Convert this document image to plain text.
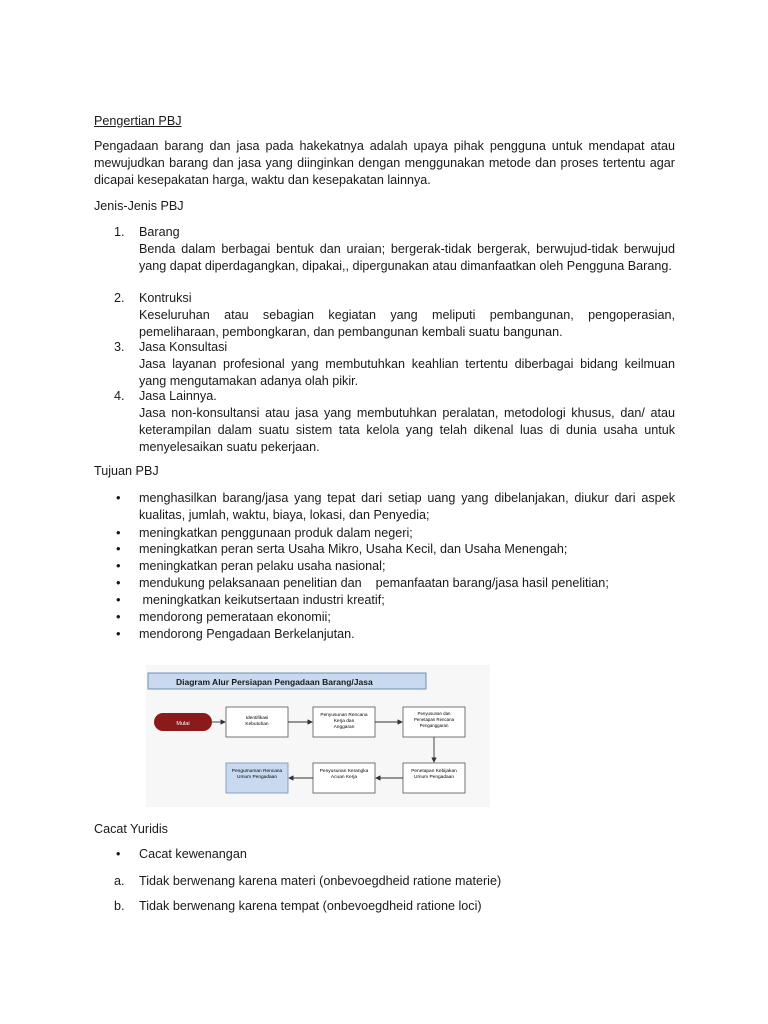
Pengertian PBJ
Pengadaan barang dan jasa pada hakekatnya adalah upaya pihak pengguna untuk mendapat atau mewujudkan barang dan jasa yang diinginkan dengan menggunakan metode dan proses tertentu agar dicapai kesepakatan harga, waktu dan kesepakatan lainnya.
Jenis-Jenis PBJ
1. Barang
Benda dalam berbagai bentuk dan uraian; bergerak-tidak bergerak, berwujud-tidak berwujud yang dapat diperdagangkan, dipakai,, dipergunakan atau dimanfaatkan oleh Pengguna Barang.
2. Kontruksi
Keseluruhan atau sebagian kegiatan yang meliputi pembangunan, pengoperasian, pemeliharaan, pembongkaran, dan pembangunan kembali suatu bangunan.
3. Jasa Konsultasi
Jasa layanan profesional yang membutuhkan keahlian tertentu diberbagai bidang keilmuan yang mengutamakan adanya olah pikir.
4. Jasa Lainnya.
Jasa non-konsultansi atau jasa yang membutuhkan peralatan, metodologi khusus, dan/ atau keterampilan dalam suatu sistem tata kelola yang telah dikenal luas di dunia usaha untuk menyelesaikan suatu pekerjaan.
Tujuan PBJ
• menghasilkan barang/jasa yang tepat dari setiap uang yang dibelanjakan, diukur dari aspek kualitas, jumlah, waktu, biaya, lokasi, dan Penyedia;
• meningkatkan penggunaan produk dalam negeri;
• meningkatkan peran serta Usaha Mikro, Usaha Kecil, dan Usaha Menengah;
• meningkatkan peran pelaku usaha nasional;
• mendukung pelaksanaan penelitian dan    pemanfaatan barang/jasa hasil penelitian;
• meningkatkan keikutsertaan industri kreatif;
• mendorong pemerataan ekonomii;
• mendorong Pengadaan Berkelanjutan.
Cacat Yuridis
• Cacat kewenangan
a. Tidak berwenang karena materi (onbevoegdheid ratione materie)
b. Tidak berwenang karena tempat (onbevoegdheid ratione loci)
Diagram Alur Persiapan Pengadaan Barang/Jasa
Mulai
Identifikasi Kebutuhan
Penyusunan Rencana Kerja dan Anggaran
Penyusunan dan Penetapan Rencana Penganggaran
Penetapan Kebijakan Umum Pengadaan
Penyusunan Kerangka Acuan Kerja
Pengumuman Rencana Umum Pengadaan
